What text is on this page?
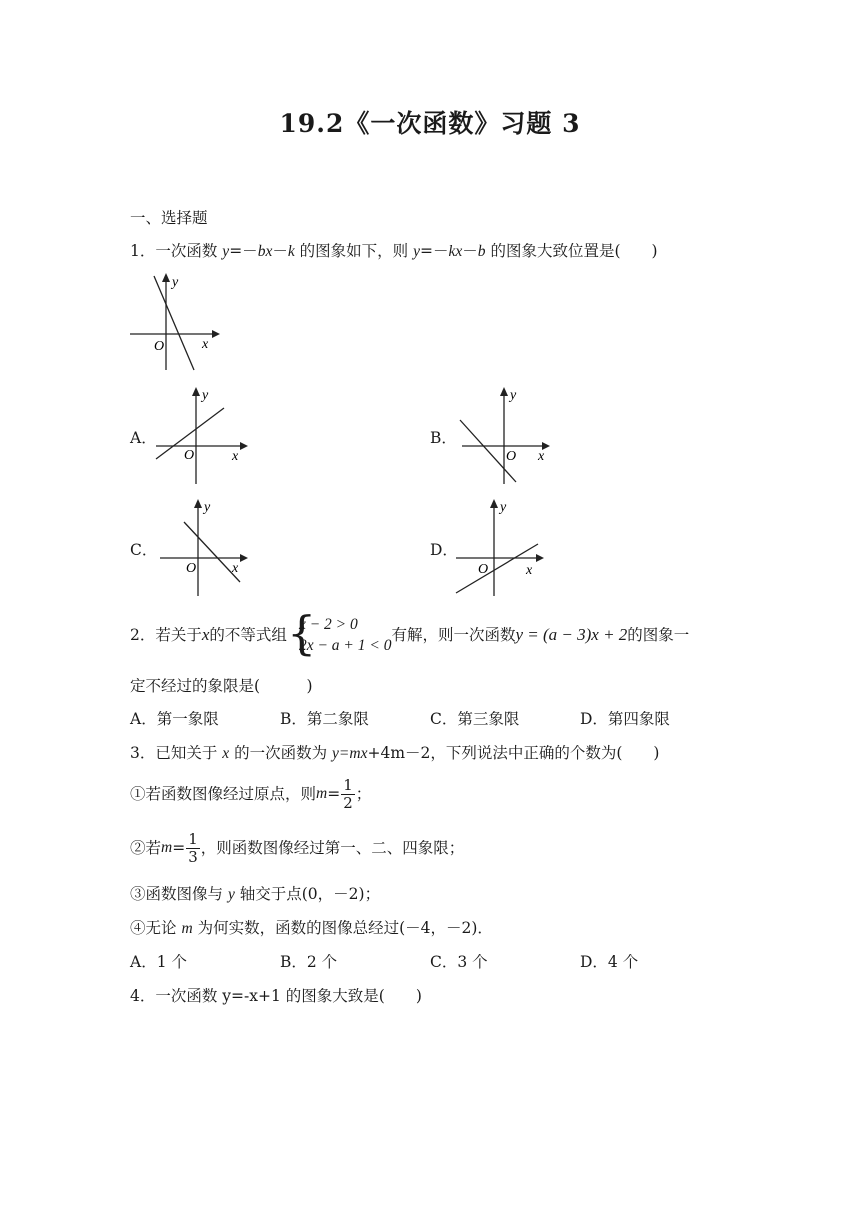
19.2《一次函数》习题 3
一、选择题
1．一次函数 y=－bx－k 的图象如下，则 y=－kx－b 的图象大致位置是(　　)
y
x
O
A．
y
x
O
B．
y
x
O
C．
y
x
O
D．
y
x
O
2．若关于 x 的不等式组 {
x − 2 > 0
2x − a + 1 < 0
有解，则一次函数 y = (a − 3)x + 2 的图象一
定不经过的象限是(　　　)
A．第一象限	B．第二象限	C．第三象限	D．第四象限
3．已知关于 x 的一次函数为 y=mx+4m－2，下列说法中正确的个数为(　　)
①若函数图像经过原点，则 $m = \frac{1}{2}$ ；
②若 $m = \frac{1}{3}$ ，则函数图像经过第一、二、四象限；
③函数图像与 y 轴交于点(0，－2)；
④无论 m 为何实数，函数的图像总经过(－4，－2)．
A．1 个	B．2 个	C．3 个	D．4 个
4．一次函数 y=-x+1 的图象大致是(　　)
